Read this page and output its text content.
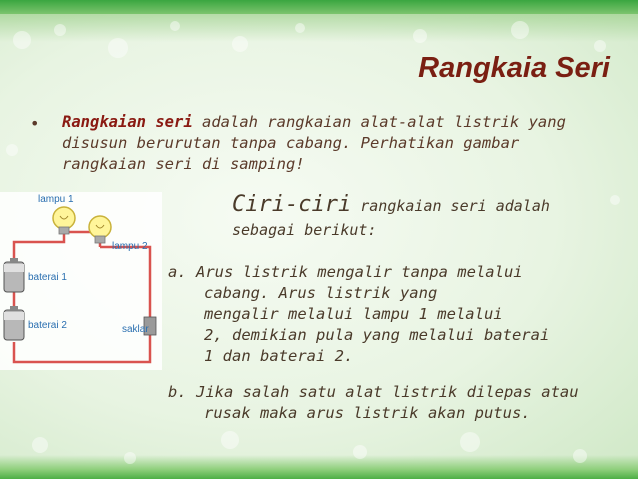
Rangkaia Seri
• Rangkaian seri adalah rangkaian alat-alat listrik yang
disusun berurutan tanpa cabang. Perhatikan gambar
rangkaian seri di samping!

lampu 1
lampu 2
baterai 1
baterai 2	saklar

Ciri-ciri rangkaian seri adalah
sebagai berikut:

a. Arus listrik mengalir tanpa melalui
cabang. Arus listrik yang
mengalir melalui lampu 1 melalui
2, demikian pula yang melalui baterai
1 dan baterai 2.

b. Jika salah satu alat listrik dilepas atau
rusak maka arus listrik akan putus.
